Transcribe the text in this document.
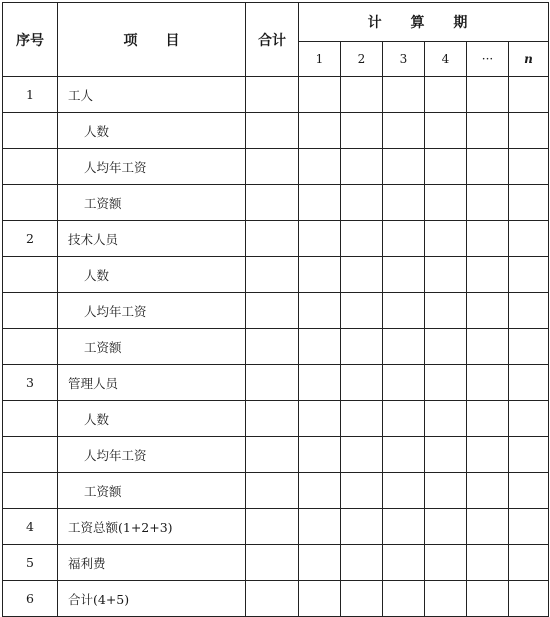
序号	项　　目	合计	计 算 期					
			1	2	3	4	···	n
1	工人							
	人数							
	人均年工资							
	工资额							
2	技术人员							
	人数							
	人均年工资							
	工资额							
3	管理人员							
	人数							
	人均年工资							
	工资额							
4	工资总额(1+2+3)							
5	福利费							
6	合计(4+5)							
